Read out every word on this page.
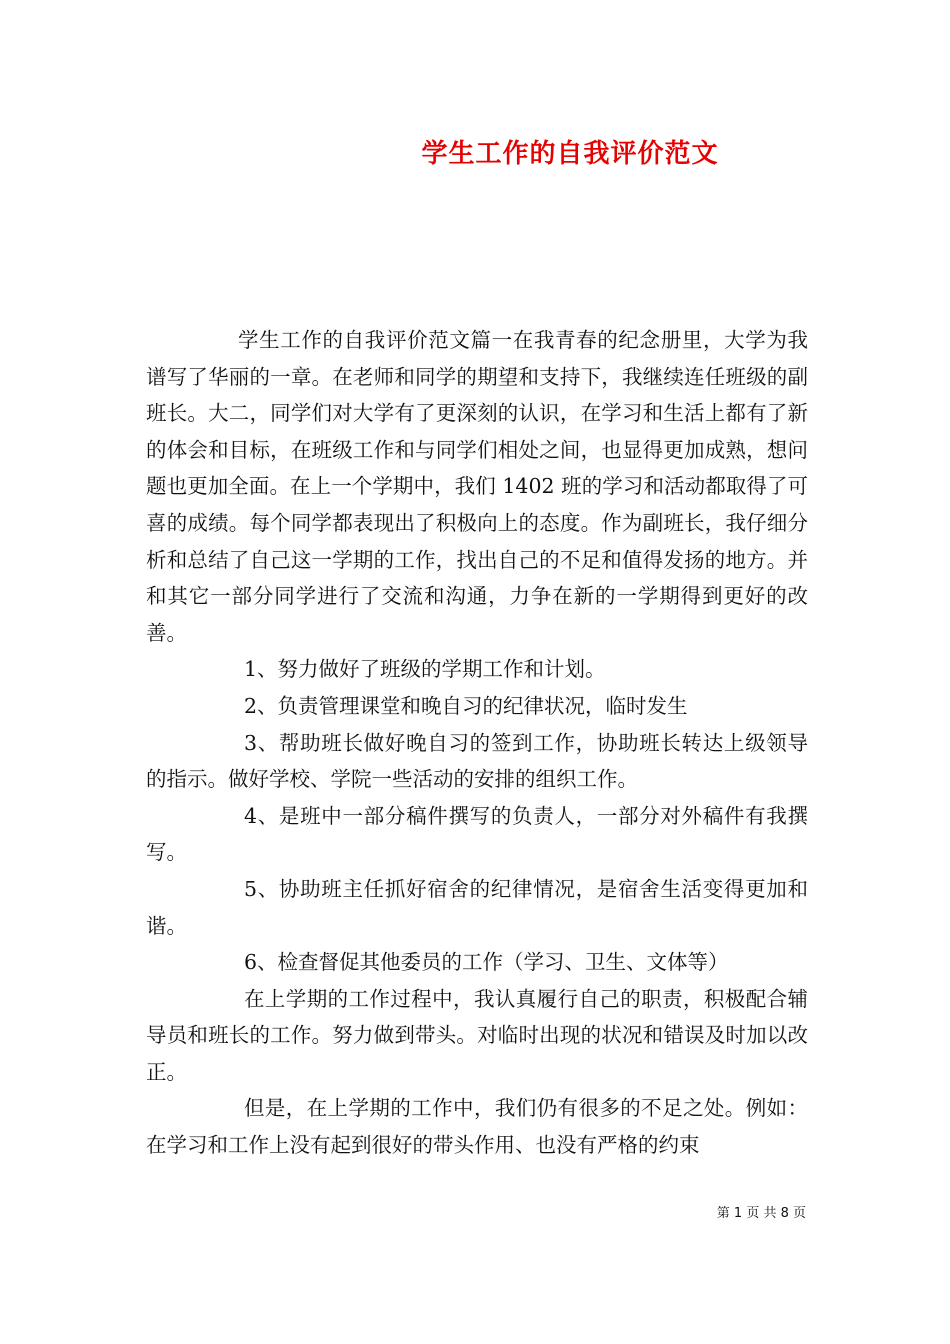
学生工作的自我评价范文

学生工作的自我评价范文篇一在我青春的纪念册里，大学为我谱写了华丽的一章。在老师和同学的期望和支持下，我继续连任班级的副班长。大二，同学们对大学有了更深刻的认识，在学习和生活上都有了新的体会和目标，在班级工作和与同学们相处之间，也显得更加成熟，想问题也更加全面。在上一个学期中，我们 1402 班的学习和活动都取得了可喜的成绩。每个同学都表现出了积极向上的态度。作为副班长，我仔细分析和总结了自己这一学期的工作，找出自己的不足和值得发扬的地方。并和其它一部分同学进行了交流和沟通，力争在新的一学期得到更好的改善。

1、努力做好了班级的学期工作和计划。

2、负责管理课堂和晚自习的纪律状况，临时发生

3、帮助班长做好晚自习的签到工作，协助班长转达上级领导的指示。做好学校、学院一些活动的安排的组织工作。

4、是班中一部分稿件撰写的负责人，一部分对外稿件有我撰写。

5、协助班主任抓好宿舍的纪律情况，是宿舍生活变得更加和谐。

6、检查督促其他委员的工作（学习、卫生、文体等）

在上学期的工作过程中，我认真履行自己的职责，积极配合辅导员和班长的工作。努力做到带头。对临时出现的状况和错误及时加以改正。

但是，在上学期的工作中，我们仍有很多的不足之处。例如：在学习和工作上没有起到很好的带头作用、也没有严格的约束

第 1 页 共 8 页
